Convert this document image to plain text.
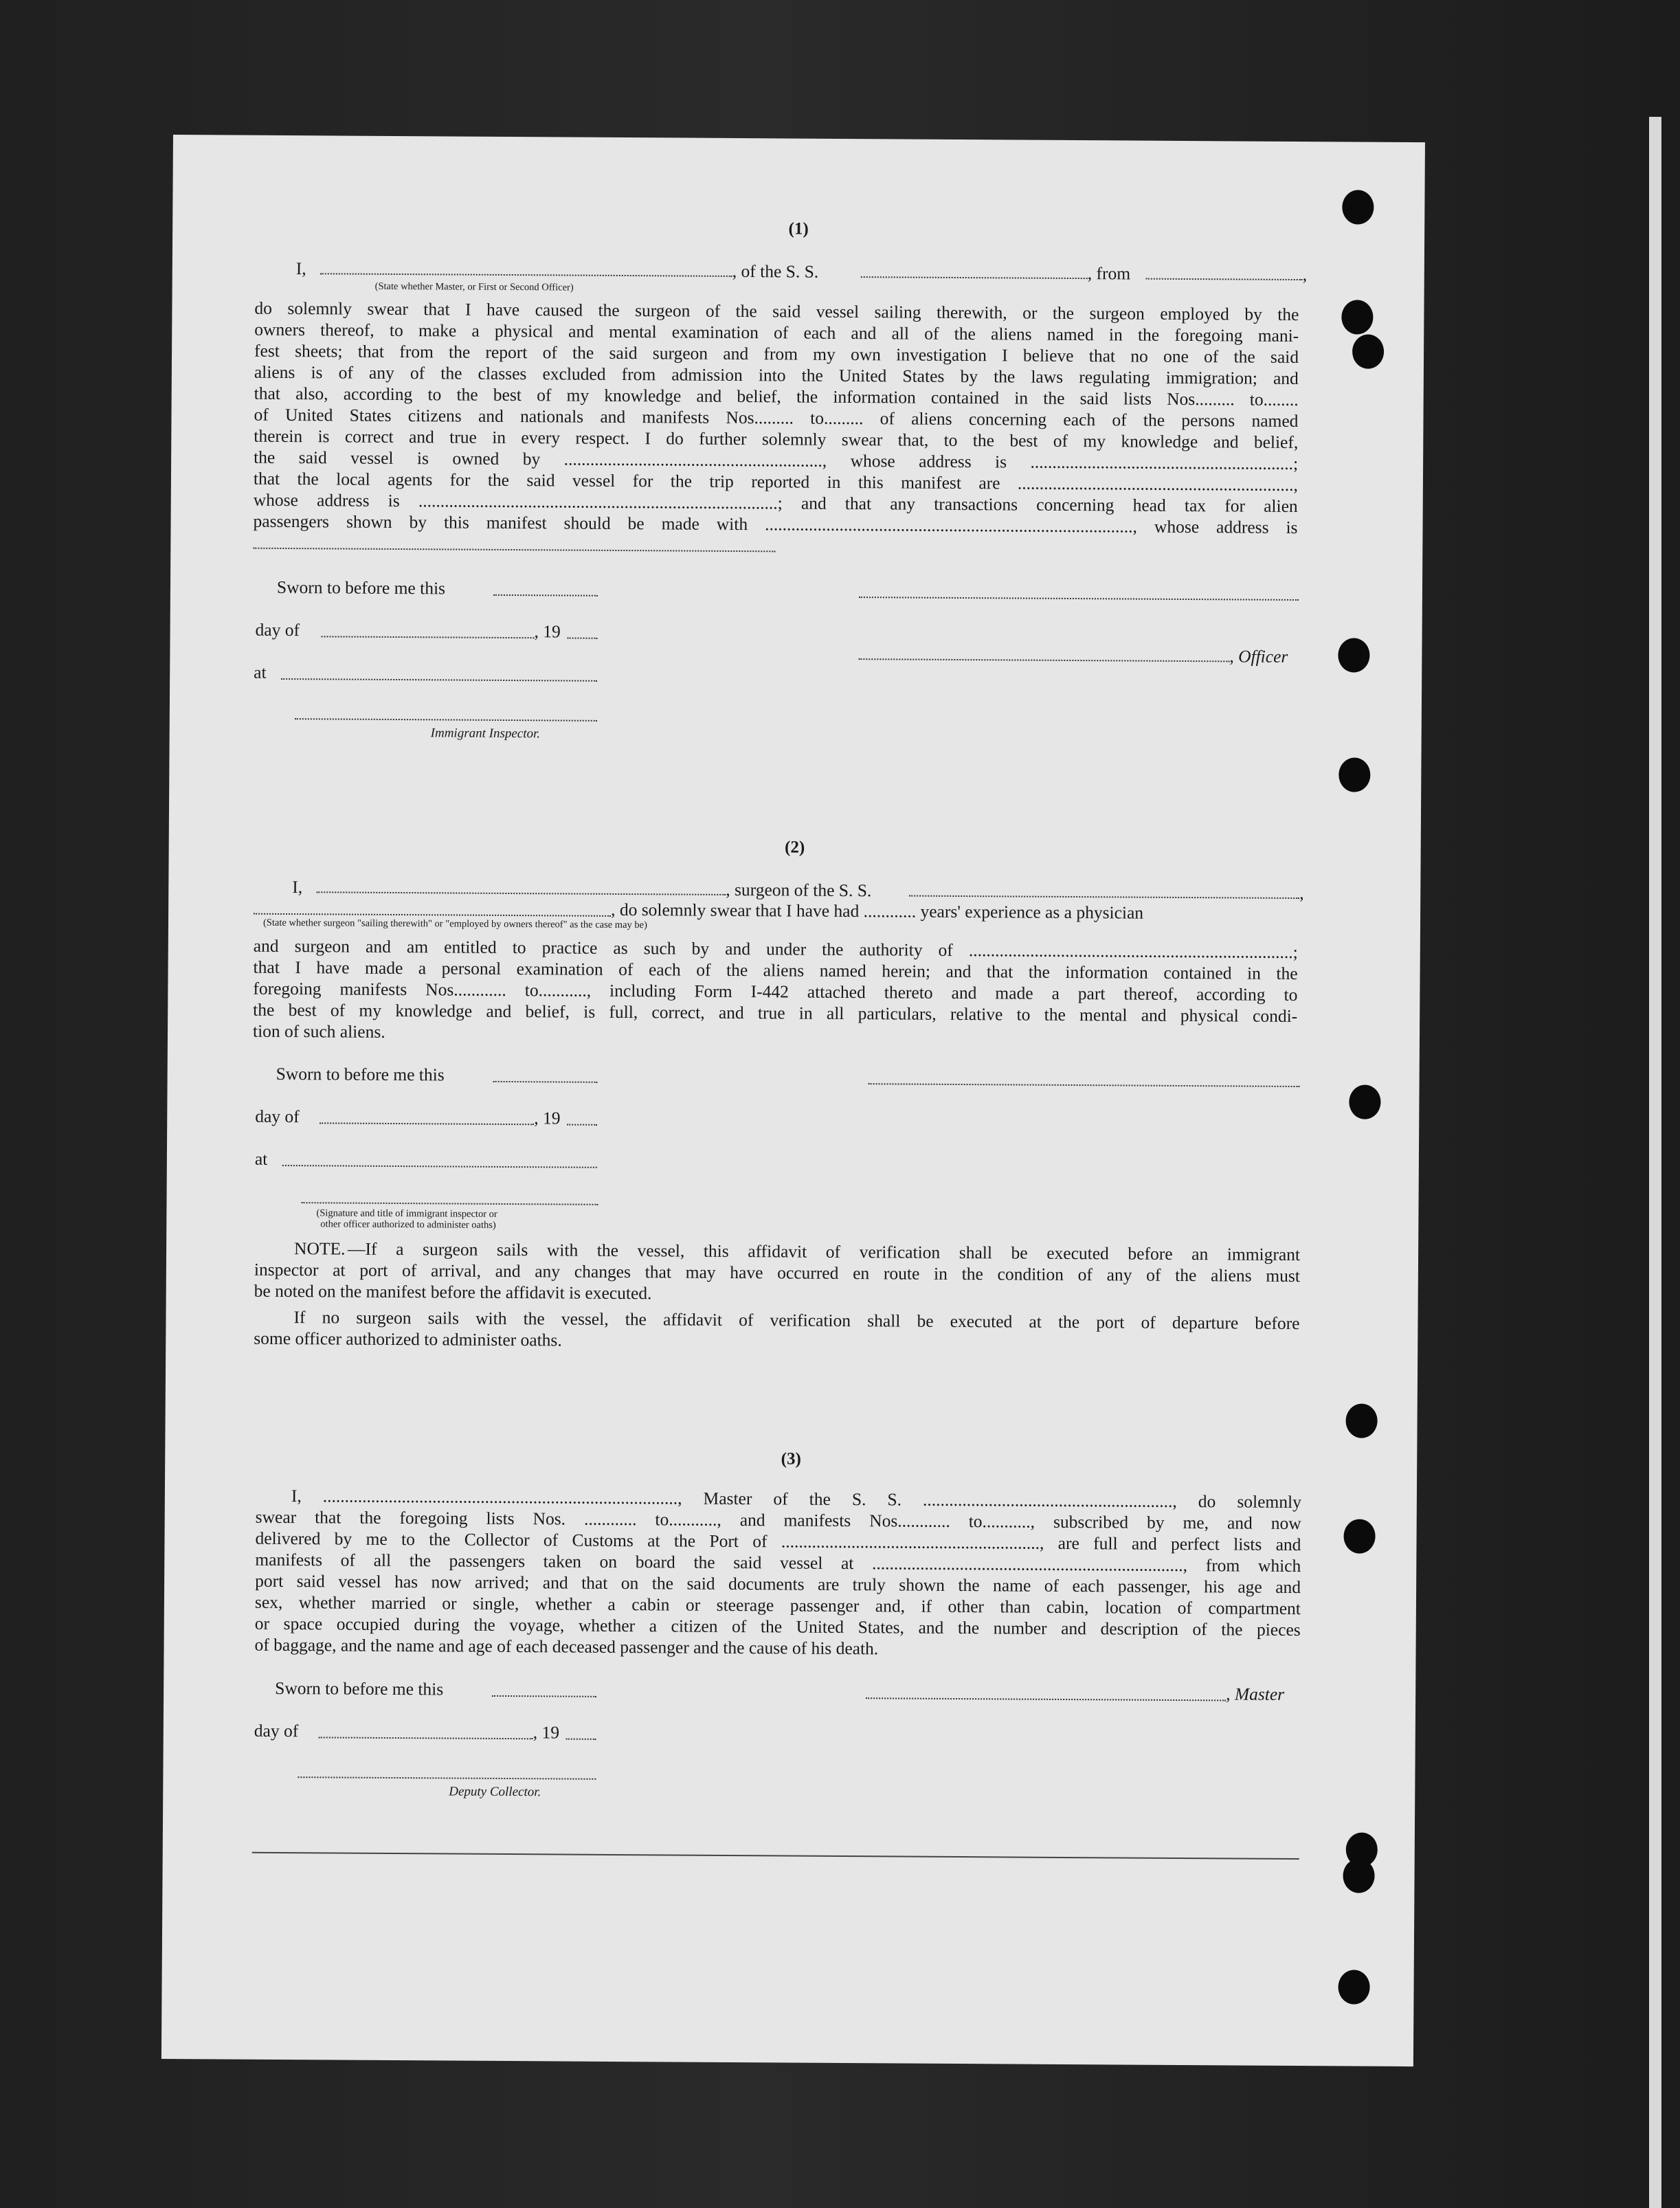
(1)
I,	, of the S. S.	, from	,
(State whether Master, or First or Second Officer)
do solemnly swear that I have caused the surgeon of the said vessel sailing therewith, or the surgeon employed by the
owners thereof, to make a physical and mental examination of each and all of the aliens named in the foregoing mani-
fest sheets; that from the report of the said surgeon and from my own investigation I believe that no one of the said
aliens is of any of the classes excluded from admission into the United States by the laws regulating immigration; and
that also, according to the best of my knowledge and belief, the information contained in the said lists Nos......... to........
of United States citizens and nationals and manifests Nos......... to......... of aliens concerning each of the persons named
therein is correct and true in every respect. I do further solemnly swear that, to the best of my knowledge and belief,
the said vessel is owned by ..........................................................., whose address is ............................................................;
that the local agents for the said vessel for the trip reported in this manifest are ...............................................................,
whose address is ..................................................................................; and that any transactions concerning head tax for alien
passengers shown by this manifest should be made with ...................................................................................., whose address is
Sworn to before me this
day of	, 19
, Officer
at
Immigrant Inspector.
(2)
I,	, surgeon of the S. S.	,
, do solemnly swear that I have had ............ years' experience as a physician
(State whether surgeon "sailing therewith" or "employed by owners thereof" as the case may be)
and surgeon and am entitled to practice as such by and under the authority of ..........................................................................;
that I have made a personal examination of each of the aliens named herein; and that the information contained in the
foregoing manifests Nos............ to..........., including Form I-442 attached thereto and made a part thereof, according to
the best of my knowledge and belief, is full, correct, and true in all particulars, relative to the mental and physical condi-
tion of such aliens.
Sworn to before me this
day of	, 19
at
(Signature and title of immigrant inspector or
other officer authorized to administer oaths)
NOTE. —If a surgeon sails with the vessel, this affidavit of verification shall be executed before an immigrant
inspector at port of arrival, and any changes that may have occurred en route in the condition of any of the aliens must
be noted on the manifest before the affidavit is executed.
If no surgeon sails with the vessel, the affidavit of verification shall be executed at the port of departure before
some officer authorized to administer oaths.
(3)
I, ................................................................................., Master of the S. S. ........................................................., do solemnly
swear that the foregoing lists Nos. ............ to..........., and manifests Nos............ to..........., subscribed by me, and now
delivered by me to the Collector of Customs at the Port of ..........................................................., are full and perfect lists and
manifests of all the passengers taken on board the said vessel at ......................................................................., from which
port said vessel has now arrived; and that on the said documents are truly shown the name of each passenger, his age and
sex, whether married or single, whether a cabin or steerage passenger and, if other than cabin, location of compartment
or space occupied during the voyage, whether a citizen of the United States, and the number and description of the pieces
of baggage, and the name and age of each deceased passenger and the cause of his death.
Sworn to before me this	, Master
day of	, 19
Deputy Collector.
